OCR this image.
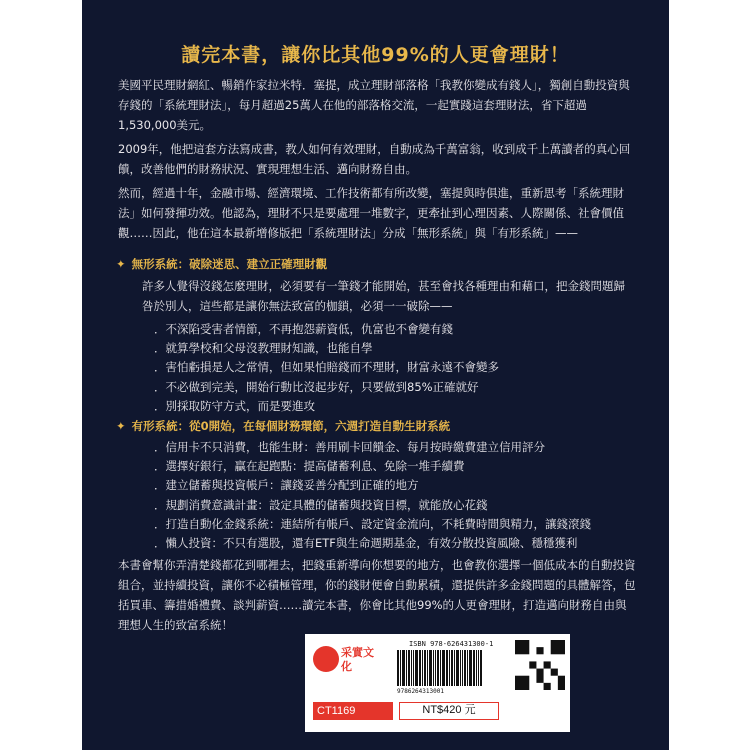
讀完本書，讓你比其他99%的人更會理財！

美國平民理財網紅、暢銷作家拉米特．塞提，成立理財部落格「我教你變成有錢人」，獨創自動投資與存錢的「系統理財法」，每月超過25萬人在他的部落格交流，一起實踐這套理財法，省下超過1,530,000美元。

2009年，他把這套方法寫成書，教人如何有效理財，自動成為千萬富翁，收到成千上萬讀者的真心回饋，改善他們的財務狀況、實現理想生活、邁向財務自由。

然而，經過十年，金融市場、經濟環境、工作技術都有所改變，塞提與時俱進，重新思考「系統理財法」如何發揮功效。他認為，理財不只是要處理一堆數字，更牽扯到心理因素、人際關係、社會價值觀……因此，他在這本最新增修版把「系統理財法」分成「無形系統」與「有形系統」——

✦ 無形系統：破除迷思、建立正確理財觀

許多人覺得沒錢怎麼理財，必須要有一筆錢才能開始，甚至會找各種理由和藉口，把金錢問題歸咎於別人，這些都是讓你無法致富的枷鎖，必須一一破除——

．不深陷受害者情節，不再抱怨薪資低，仇富也不會變有錢
．就算學校和父母沒教理財知識，也能自學
．害怕虧損是人之常情，但如果怕賠錢而不理財，財富永遠不會變多
．不必做到完美，開始行動比沒起步好，只要做到85%正確就好
．別採取防守方式，而是要進攻
✦ 有形系統：從0開始，在每個財務環節，六週打造自動生財系統
．信用卡不只消費，也能生財：善用刷卡回饋金、每月按時繳費建立信用評分
．選擇好銀行，贏在起跑點：提高儲蓄利息、免除一堆手續費
．建立儲蓄與投資帳戶：讓錢妥善分配到正確的地方
．規劃消費意識計畫：設定具體的儲蓄與投資目標，就能放心花錢
．打造自動化金錢系統：連結所有帳戶、設定資金流向，不耗費時間與精力，讓錢滾錢
．懶人投資：不只有選股，還有ETF與生命週期基金，有效分散投資風險、穩穩獲利

本書會幫你弄清楚錢都花到哪裡去，把錢重新導向你想要的地方，也會教你選擇一個低成本的自動投資組合，並持續投資，讓你不必積極管理，你的錢財便會自動累積，還提供許多金錢問題的具體解答，包括買車、籌措婚禮費、談判薪資……讀完本書，你會比其他99%的人更會理財，打造邁向財務自由與理想人生的致富系統！

采實文化
ISBN 978-626431300-1
9786264313001
CT1169	NT$420 元
